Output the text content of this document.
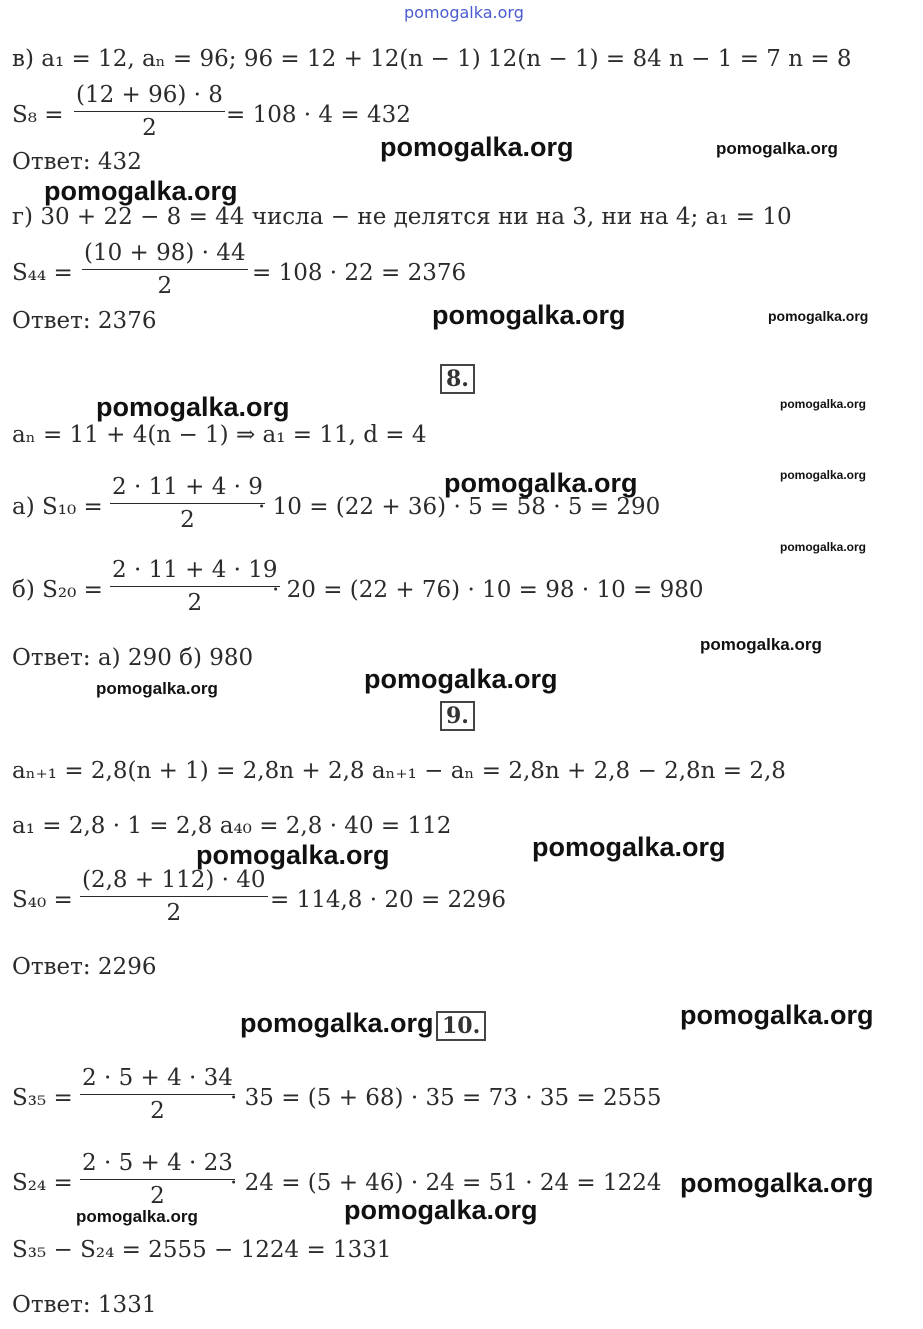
pomogalka.org
pomogalka.org	pomogalka.org
pomogalka.org
pomogalka.org	pomogalka.org
pomogalka.org	pomogalka.org
pomogalka.org	pomogalka.org
pomogalka.org
pomogalka.org
pomogalka.org
pomogalka.org
pomogalka.org	pomogalka.org
pomogalka.org	pomogalka.org
pomogalka.org
pomogalka.org	pomogalka.org
в) a₁ = 12, aₙ = 96; 96 = 12 + 12(n − 1) 12(n − 1) = 84 n − 1 = 7 n = 8
$S_8 = \frac{(12 + 96) \cdot 8}{2} = 108 \cdot 4 = 432$
Ответ: 432
г) 30 + 22 − 8 = 44 числа − не делятся ни на 3, ни на 4; a₁ = 10
$S_{44} = \frac{(10 + 98) \cdot 44}{2} = 108 \cdot 22 = 2376$
Ответ: 2376
8.
aₙ = 11 + 4(n − 1) ⇒ a₁ = 11, d = 4
а) $S_{10} = \frac{2 \cdot 11 + 4 \cdot 9}{2}$
· 10 = (22 + 36) · 5 = 58 · 5 = 290
б) $S_{20} = \frac{2 \cdot 11 + 4 \cdot 19}{2}$
· 20 = (22 + 76) · 10 = 98 · 10 = 980
Ответ: а) 290 б) 980
9.
aₙ₊₁ = 2,8(n + 1) = 2,8n + 2,8 aₙ₊₁ − aₙ = 2,8n + 2,8 − 2,8n = 2,8
a₁ = 2,8 · 1 = 2,8 a₄₀ = 2,8 · 40 = 112
$S_{40} = \frac{(2,8 + 112) \cdot 40}{2} = 114,8 \cdot 20 = 2296$
Ответ: 2296
10.
$S_{35} = \frac{2 \cdot 5 + 4 \cdot 34}{2}$
· 35 = (5 + 68) · 35 = 73 · 35 = 2555
$S_{24} = \frac{2 \cdot 5 + 4 \cdot 23}{2}$
· 24 = (5 + 46) · 24 = 51 · 24 = 1224
S₃₅ − S₂₄ = 2555 − 1224 = 1331
Ответ: 1331
